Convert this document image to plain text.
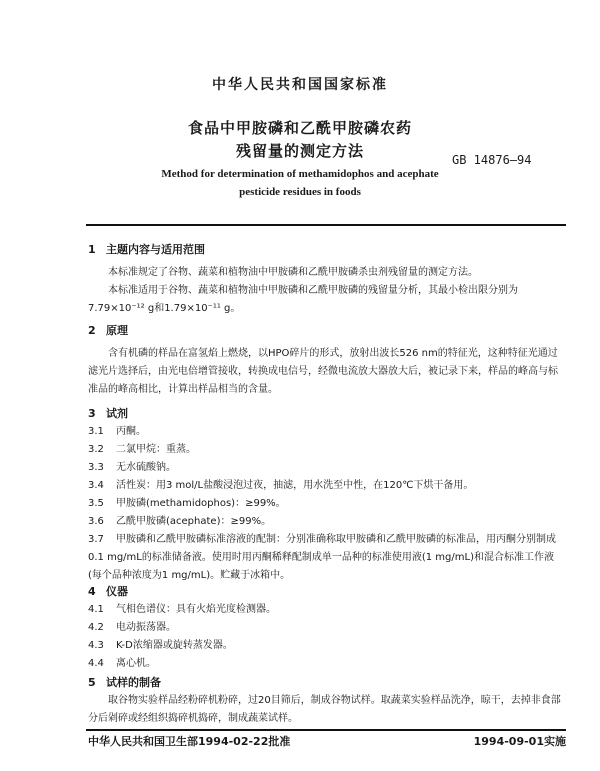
中华人民共和国国家标准
食品中甲胺磷和乙酰甲胺磷农药
残留量的测定方法	GB 14876—94
Method for determination of methamidophos and acephate
pesticide residues in foods
1 主题内容与适用范围
本标准规定了谷物、蔬菜和植物油中甲胺磷和乙酰甲胺磷杀虫剂残留量的测定方法。
本标准适用于谷物、蔬菜和植物油中甲胺磷和乙酰甲胺磷的残留量分析，其最小检出限分别为7.79×10⁻¹² g和1.79×10⁻¹¹ g。
2 原理
含有机磷的样品在富氢焰上燃烧，以HPO碎片的形式，放射出波长526 nm的特征光，这种特征光通过滤光片选择后，由光电倍增管接收，转换成电信号，经微电流放大器放大后，被记录下来，样品的峰高与标准品的峰高相比，计算出样品相当的含量。
3 试剂
3.1 丙酮。
3.2 二氯甲烷：重蒸。
3.3 无水硫酸钠。
3.4 活性炭：用3 mol/L盐酸浸泡过夜，抽滤，用水洗至中性，在120℃下烘干备用。
3.5 甲胺磷(methamidophos)：≥99%。
3.6 乙酰甲胺磷(acephate)：≥99%。
3.7 甲胺磷和乙酰甲胺磷标准溶液的配制：分别准确称取甲胺磷和乙酰甲胺磷的标准品，用丙酮分别制成0.1 mg/mL的标准储备液。使用时用丙酮稀释配制成单一品种的标准使用液(1 mg/mL)和混合标准工作液(每个品种浓度为1 mg/mL)。贮藏于冰箱中。
4 仪器
4.1 气相色谱仪：具有火焰光度检测器。
4.2 电动振荡器。
4.3 K-D浓缩器或旋转蒸发器。
4.4 离心机。
5 试样的制备
取谷物实验样品经粉碎机粉碎，过20目筛后，制成谷物试样。取蔬菜实验样品洗净，晾干，去掉非食部分后剁碎或经组织捣碎机捣碎，制成蔬菜试样。
中华人民共和国卫生部1994-02-22批准	1994-09-01实施
